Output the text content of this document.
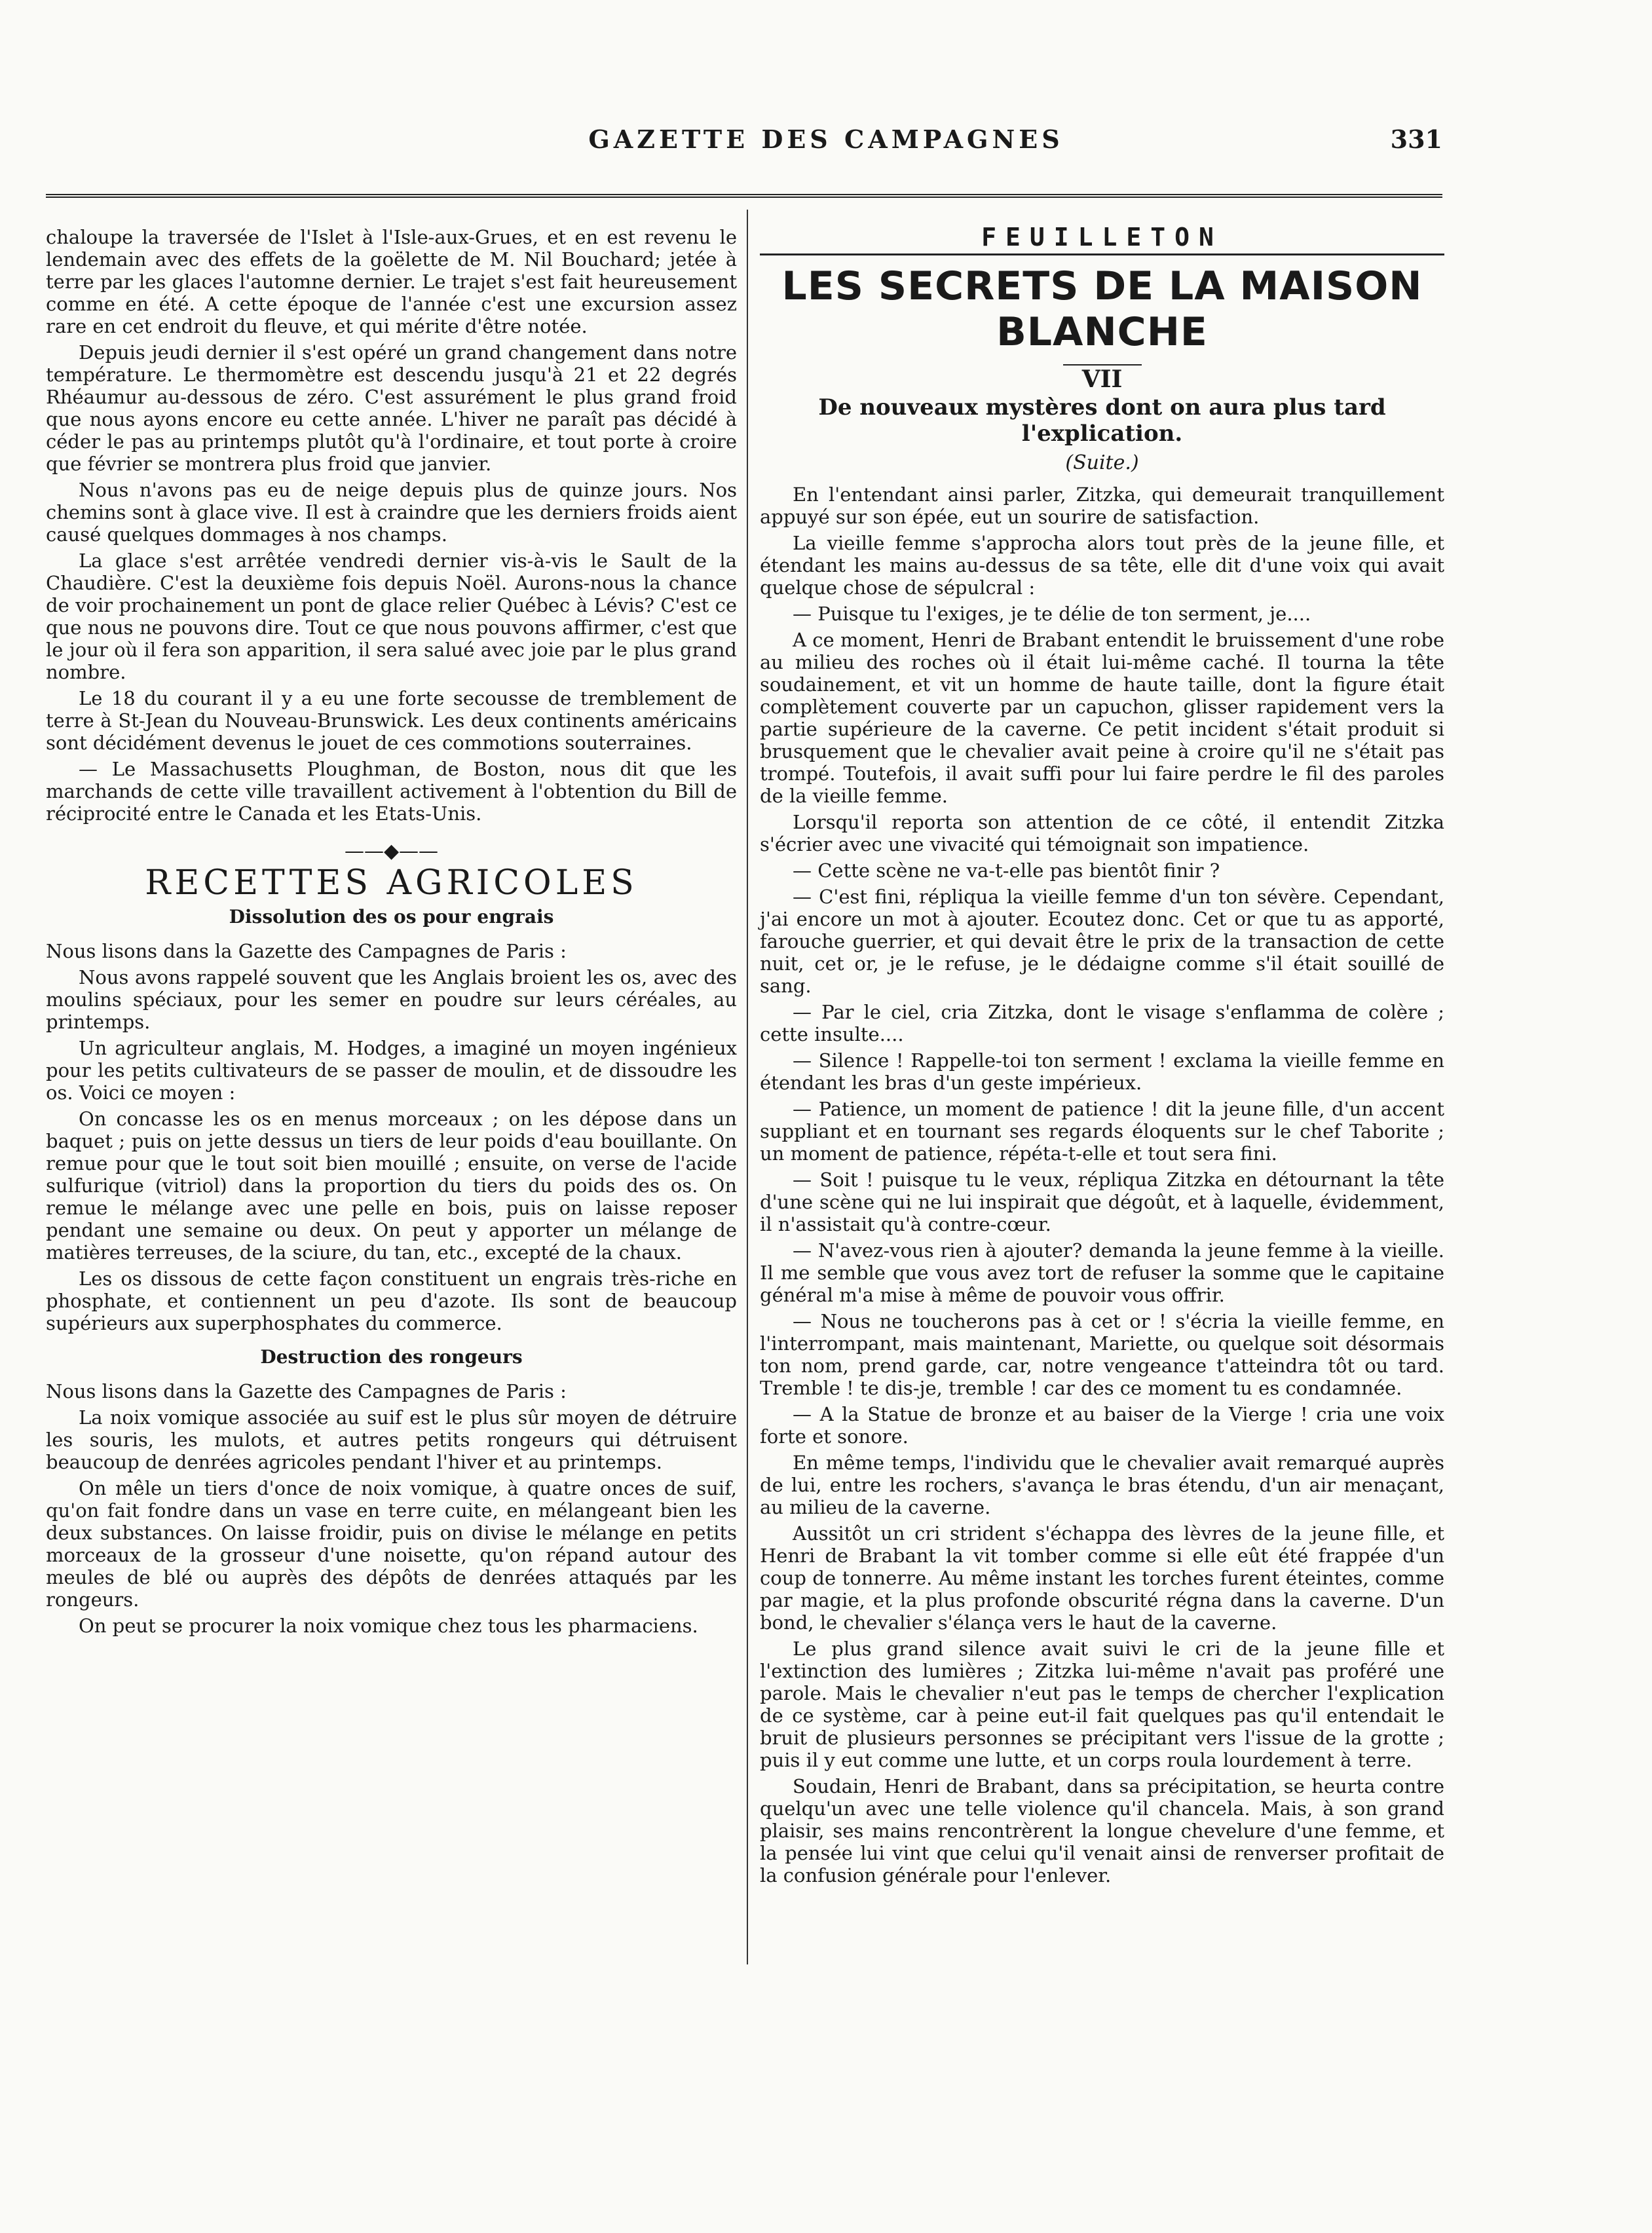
GAZETTE DES CAMPAGNES	331

chaloupe la traversée de l'Islet à l'Isle-aux-Grues, et en est revenu le lendemain avec des effets de la goëlette de M. Nil Bouchard; jetée à terre par les glaces l'automne dernier. Le trajet s'est fait heureusement comme en été. A cette époque de l'année c'est une excursion assez rare en cet endroit du fleuve, et qui mérite d'être notée.

Depuis jeudi dernier il s'est opéré un grand changement dans notre température. Le thermomètre est descendu jusqu'à 21 et 22 degrés Rhéaumur au-dessous de zéro. C'est assurément le plus grand froid que nous ayons encore eu cette année. L'hiver ne paraît pas décidé à céder le pas au printemps plutôt qu'à l'ordinaire, et tout porte à croire que février se montrera plus froid que janvier.

Nous n'avons pas eu de neige depuis plus de quinze jours. Nos chemins sont à glace vive. Il est à craindre que les derniers froids aient causé quelques dommages à nos champs.

La glace s'est arrêtée vendredi dernier vis-à-vis le Sault de la Chaudière. C'est la deuxième fois depuis Noël. Aurons-nous la chance de voir prochainement un pont de glace relier Québec à Lévis? C'est ce que nous ne pouvons dire. Tout ce que nous pouvons affirmer, c'est que le jour où il fera son apparition, il sera salué avec joie par le plus grand nombre.

Le 18 du courant il y a eu une forte secousse de tremblement de terre à St-Jean du Nouveau-Brunswick. Les deux continents américains sont décidément devenus le jouet de ces commotions souterraines.

— Le Massachusetts Ploughman, de Boston, nous dit que les marchands de cette ville travaillent activement à l'obtention du Bill de réciprocité entre le Canada et les Etats-Unis.

——◆——
RECETTES AGRICOLES
Dissolution des os pour engrais

Nous lisons dans la Gazette des Campagnes de Paris :

Nous avons rappelé souvent que les Anglais broient les os, avec des moulins spéciaux, pour les semer en poudre sur leurs céréales, au printemps.

Un agriculteur anglais, M. Hodges, a imaginé un moyen ingénieux pour les petits cultivateurs de se passer de moulin, et de dissoudre les os. Voici ce moyen :

On concasse les os en menus morceaux ; on les dépose dans un baquet ; puis on jette dessus un tiers de leur poids d'eau bouillante. On remue pour que le tout soit bien mouillé ; ensuite, on verse de l'acide sulfurique (vitriol) dans la proportion du tiers du poids des os. On remue le mélange avec une pelle en bois, puis on laisse reposer pendant une semaine ou deux. On peut y apporter un mélange de matières terreuses, de la sciure, du tan, etc., excepté de la chaux.

Les os dissous de cette façon constituent un engrais très-riche en phosphate, et contiennent un peu d'azote. Ils sont de beaucoup supérieurs aux superphosphates du commerce.

Destruction des rongeurs

Nous lisons dans la Gazette des Campagnes de Paris :

La noix vomique associée au suif est le plus sûr moyen de détruire les souris, les mulots, et autres petits rongeurs qui détruisent beaucoup de denrées agricoles pendant l'hiver et au printemps.

On mêle un tiers d'once de noix vomique, à quatre onces de suif, qu'on fait fondre dans un vase en terre cuite, en mélangeant bien les deux substances. On laisse froidir, puis on divise le mélange en petits morceaux de la grosseur d'une noisette, qu'on répand autour des meules de blé ou auprès des dépôts de denrées attaqués par les rongeurs.

On peut se procurer la noix vomique chez tous les pharmaciens.

FEUILLETON
LES SECRETS DE LA MAISON BLANCHE
VII
De nouveaux mystères dont on aura plus tard l'explication.
(Suite.)

En l'entendant ainsi parler, Zitzka, qui demeurait tranquillement appuyé sur son épée, eut un sourire de satisfaction.

La vieille femme s'approcha alors tout près de la jeune fille, et étendant les mains au-dessus de sa tête, elle dit d'une voix qui avait quelque chose de sépulcral :

— Puisque tu l'exiges, je te délie de ton serment, je....

A ce moment, Henri de Brabant entendit le bruissement d'une robe au milieu des roches où il était lui-même caché. Il tourna la tête soudainement, et vit un homme de haute taille, dont la figure était complètement couverte par un capuchon, glisser rapidement vers la partie supérieure de la caverne. Ce petit incident s'était produit si brusquement que le chevalier avait peine à croire qu'il ne s'était pas trompé. Toutefois, il avait suffi pour lui faire perdre le fil des paroles de la vieille femme.

Lorsqu'il reporta son attention de ce côté, il entendit Zitzka s'écrier avec une vivacité qui témoignait son impatience.

— Cette scène ne va-t-elle pas bientôt finir ?

— C'est fini, répliqua la vieille femme d'un ton sévère. Cependant, j'ai encore un mot à ajouter. Ecoutez donc. Cet or que tu as apporté, farouche guerrier, et qui devait être le prix de la transaction de cette nuit, cet or, je le refuse, je le dédaigne comme s'il était souillé de sang.

— Par le ciel, cria Zitzka, dont le visage s'enflamma de colère ; cette insulte....

— Silence ! Rappelle-toi ton serment ! exclama la vieille femme en étendant les bras d'un geste impérieux.

— Patience, un moment de patience ! dit la jeune fille, d'un accent suppliant et en tournant ses regards éloquents sur le chef Taborite ; un moment de patience, répéta-t-elle et tout sera fini.

— Soit ! puisque tu le veux, répliqua Zitzka en détournant la tête d'une scène qui ne lui inspirait que dégoût, et à laquelle, évidemment, il n'assistait qu'à contre-cœur.

— N'avez-vous rien à ajouter? demanda la jeune femme à la vieille. Il me semble que vous avez tort de refuser la somme que le capitaine général m'a mise à même de pouvoir vous offrir.

— Nous ne toucherons pas à cet or ! s'écria la vieille femme, en l'interrompant, mais maintenant, Mariette, ou quelque soit désormais ton nom, prend garde, car, notre vengeance t'atteindra tôt ou tard. Tremble ! te dis-je, tremble ! car des ce moment tu es condamnée.

— A la Statue de bronze et au baiser de la Vierge ! cria une voix forte et sonore.

En même temps, l'individu que le chevalier avait remarqué auprès de lui, entre les rochers, s'avança le bras étendu, d'un air menaçant, au milieu de la caverne.

Aussitôt un cri strident s'échappa des lèvres de la jeune fille, et Henri de Brabant la vit tomber comme si elle eût été frappée d'un coup de tonnerre. Au même instant les torches furent éteintes, comme par magie, et la plus profonde obscurité régna dans la caverne. D'un bond, le chevalier s'élança vers le haut de la caverne.

Le plus grand silence avait suivi le cri de la jeune fille et l'extinction des lumières ; Zitzka lui-même n'avait pas proféré une parole. Mais le chevalier n'eut pas le temps de chercher l'explication de ce système, car à peine eut-il fait quelques pas qu'il entendait le bruit de plusieurs personnes se précipitant vers l'issue de la grotte ; puis il y eut comme une lutte, et un corps roula lourdement à terre.

Soudain, Henri de Brabant, dans sa précipitation, se heurta contre quelqu'un avec une telle violence qu'il chancela. Mais, à son grand plaisir, ses mains rencontrèrent la longue chevelure d'une femme, et la pensée lui vint que celui qu'il venait ainsi de renverser profitait de la confusion générale pour l'enlever.
